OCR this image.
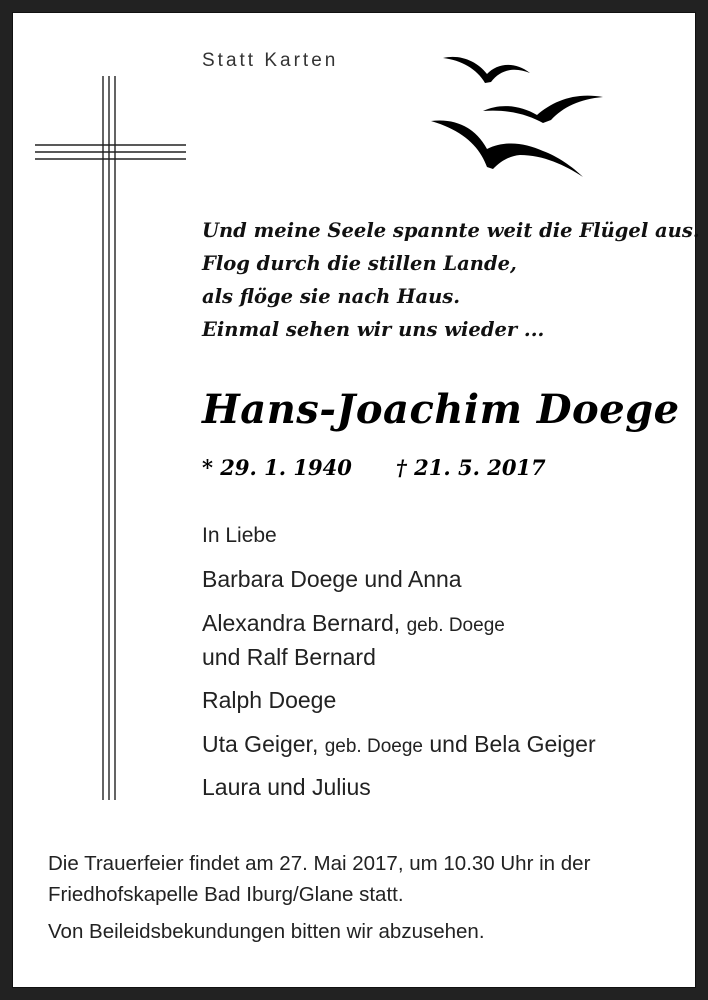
Statt Karten
Und meine Seele spannte weit die Flügel aus.
Flog durch die stillen Lande,
als flöge sie nach Haus.
Einmal sehen wir uns wieder ...
Hans-Joachim Doege
* 29. 1. 1940 † 21. 5. 2017
In Liebe
Barbara Doege und Anna
Alexandra Bernard, geb. Doege
und Ralf Bernard
Ralph Doege
Uta Geiger, geb. Doege und Bela Geiger
Laura und Julius
Die Trauerfeier findet am 27. Mai 2017, um 10.30 Uhr in der
Friedhofskapelle Bad Iburg/Glane statt.
Von Beileidsbekundungen bitten wir abzusehen.
